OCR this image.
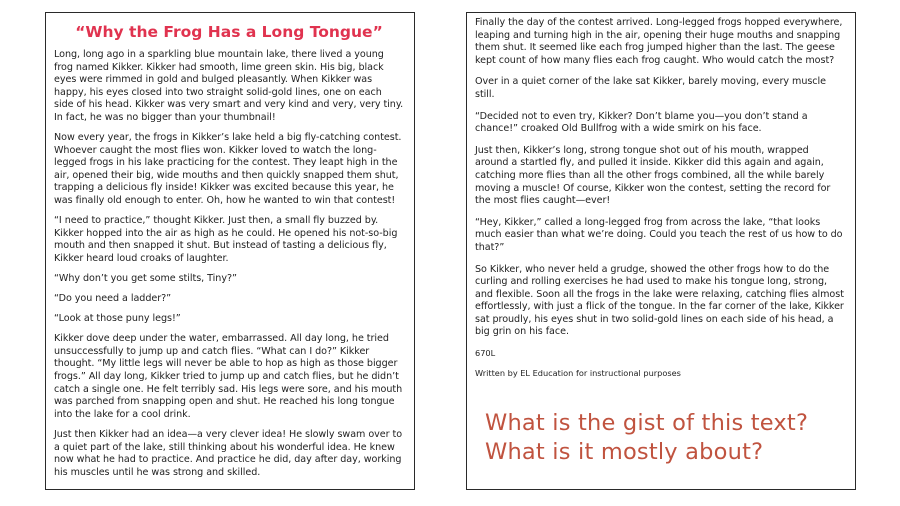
“Why the Frog Has a Long Tongue”

Long, long ago in a sparkling blue mountain lake, there lived a young frog named Kikker. Kikker had smooth, lime green skin. His big, black eyes were rimmed in gold and bulged pleasantly. When Kikker was happy, his eyes closed into two straight solid-gold lines, one on each side of his head. Kikker was very smart and very kind and very, very tiny. In fact, he was no bigger than your thumbnail!

Now every year, the frogs in Kikker’s lake held a big fly-catching contest. Whoever caught the most flies won. Kikker loved to watch the long-legged frogs in his lake practicing for the contest. They leapt high in the air, opened their big, wide mouths and then quickly snapped them shut, trapping a delicious fly inside! Kikker was excited because this year, he was finally old enough to enter. Oh, how he wanted to win that contest!

“I need to practice,” thought Kikker. Just then, a small fly buzzed by. Kikker hopped into the air as high as he could. He opened his not-so-big mouth and then snapped it shut. But instead of tasting a delicious fly, Kikker heard loud croaks of laughter.

“Why don’t you get some stilts, Tiny?”

“Do you need a ladder?”

“Look at those puny legs!”

Kikker dove deep under the water, embarrassed. All day long, he tried unsuccessfully to jump up and catch flies. “What can I do?” Kikker thought. “My little legs will never be able to hop as high as those bigger frogs.” All day long, Kikker tried to jump up and catch flies, but he didn’t catch a single one. He felt terribly sad. His legs were sore, and his mouth was parched from snapping open and shut. He reached his long tongue into the lake for a cool drink.

Just then Kikker had an idea—a very clever idea! He slowly swam over to a quiet part of the lake, still thinking about his wonderful idea. He knew now what he had to practice. And practice he did, day after day, working his muscles until he was strong and skilled.

Finally the day of the contest arrived. Long-legged frogs hopped everywhere, leaping and turning high in the air, opening their huge mouths and snapping them shut. It seemed like each frog jumped higher than the last. The geese kept count of how many flies each frog caught. Who would catch the most?

Over in a quiet corner of the lake sat Kikker, barely moving, every muscle still.

“Decided not to even try, Kikker? Don’t blame you—you don’t stand a chance!” croaked Old Bullfrog with a wide smirk on his face.

Just then, Kikker’s long, strong tongue shot out of his mouth, wrapped around a startled fly, and pulled it inside. Kikker did this again and again, catching more flies than all the other frogs combined, all the while barely moving a muscle! Of course, Kikker won the contest, setting the record for the most flies caught—ever!

“Hey, Kikker,” called a long-legged frog from across the lake, “that looks much easier than what we’re doing. Could you teach the rest of us how to do that?”

So Kikker, who never held a grudge, showed the other frogs how to do the curling and rolling exercises he had used to make his tongue long, strong, and flexible. Soon all the frogs in the lake were relaxing, catching flies almost effortlessly, with just a flick of the tongue. In the far corner of the lake, Kikker sat proudly, his eyes shut in two solid-gold lines on each side of his head, a big grin on his face.

670L

Written by EL Education for instructional purposes

What is the gist of this text?
What is it mostly about?
